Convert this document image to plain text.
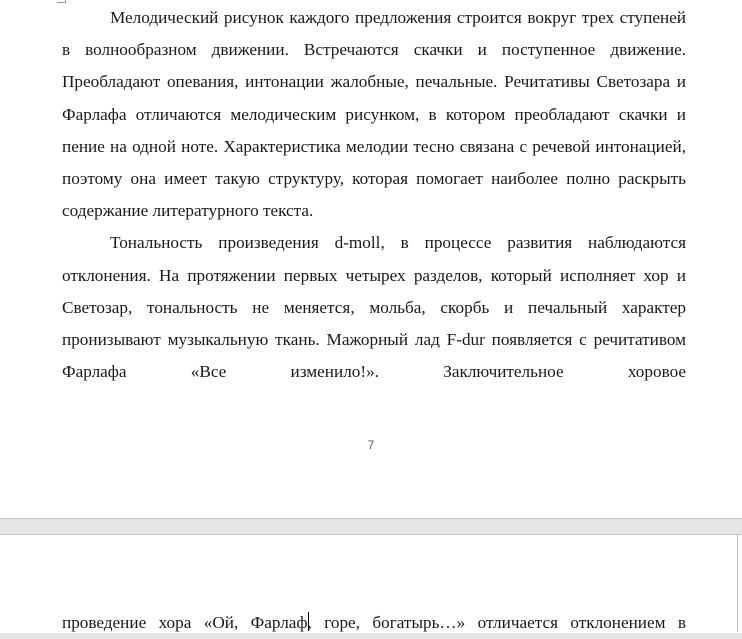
Мелодический рисунок каждого предложения строится вокруг трех ступеней в волнообразном движении. Встречаются скачки и поступенное движение. Преобладают опевания, интонации жалобные, печальные. Речитативы Светозара и Фарлафа отличаются мелодическим рисунком, в котором преобладают скачки и пение на одной ноте. Характеристика мелодии тесно связана с речевой интонацией, поэтому она имеет такую структуру, которая помогает наиболее полно раскрыть содержание литературного текста.

Тональность произведения d-moll, в процессе развития наблюдаются отклонения. На протяжении первых четырех разделов, который исполняет хор и Светозар, тональность не меняется, мольба, скорбь и печальный характер пронизывают музыкальную ткань. Мажорный лад F-dur появляется с речитативом Фарлафа «Все изменило!». Заключительное хоровое

7
проведение хора «Ой, Фарлаф, горе, богатырь…» отличается отклонением в
